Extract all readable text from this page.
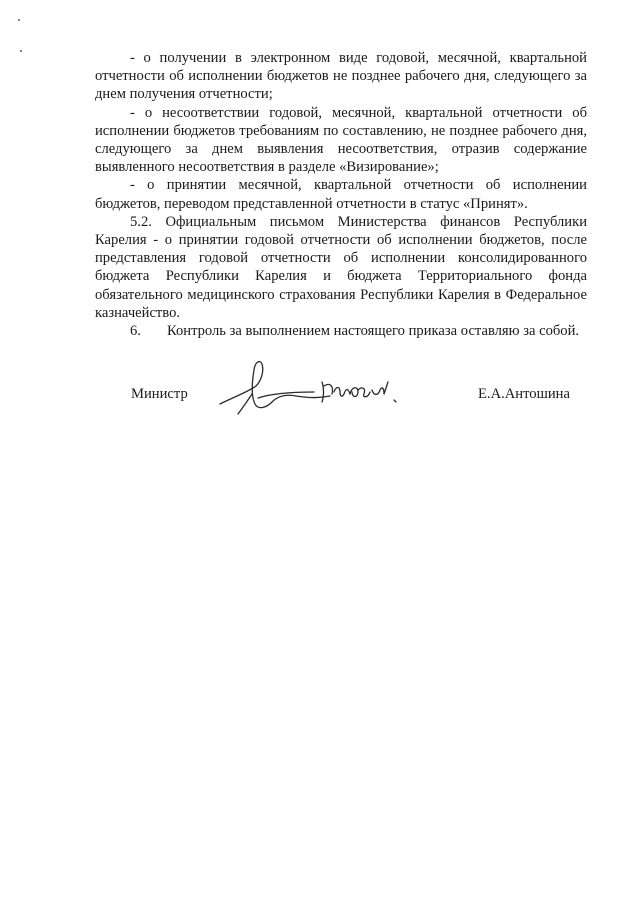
- о получении в электронном виде годовой, месячной, квартальной отчетности об исполнении бюджетов не позднее рабочего дня, следующего за днем получения отчетности;

- о несоответствии годовой, месячной, квартальной отчетности об исполнении бюджетов требованиям по составлению, не позднее рабочего дня, следующего за днем выявления несоответствия, отразив содержание выявленного несоответствия в разделе «Визирование»;

- о принятии месячной, квартальной отчетности об исполнении бюджетов, переводом представленной отчетности в статус «Принят».

5.2. Официальным письмом Министерства финансов Республики Карелия - о принятии годовой отчетности об исполнении бюджетов, после представления годовой отчетности об исполнении консолидированного бюджета Республики Карелия и бюджета Территориального фонда обязательного медицинского страхования Республики Карелия в Федеральное казначейство.

6. Контроль за выполнением настоящего приказа оставляю за собой.

Министр	Е.А.Антошина
